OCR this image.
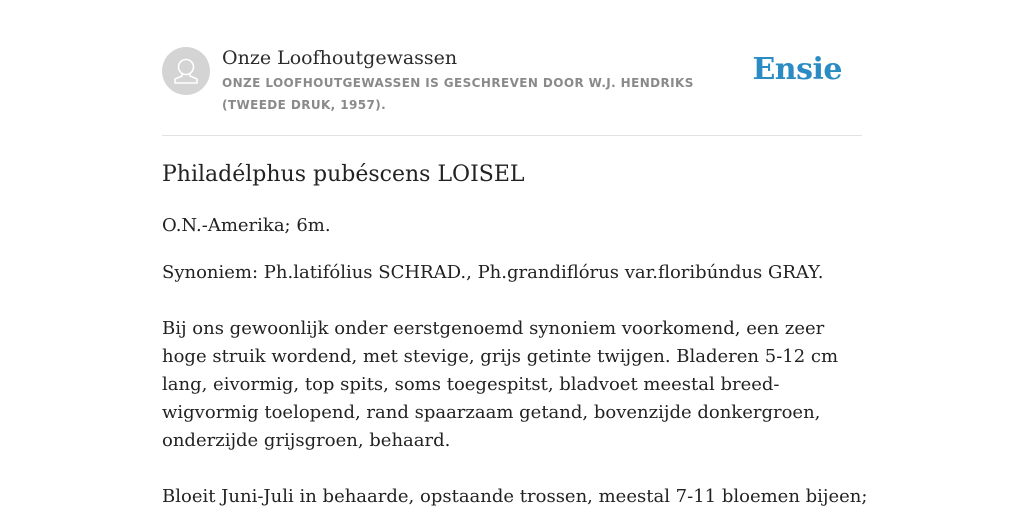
Onze Loofhoutgewassen
ONZE LOOFHOUTGEWASSEN IS GESCHREVEN DOOR W.J. HENDRIKS (TWEEDE DRUK, 1957).
Ensie
Philadélphus pubéscens LOISEL
O.N.-Amerika; 6m.
Synoniem: Ph.latifólius SCHRAD., Ph.grandiflórus var.floribúndus GRAY.
Bij ons gewoonlijk onder eerstgenoemd synoniem voorkomend, een zeer hoge struik wordend, met stevige, grijs getinte twijgen. Bladeren 5-12 cm lang, eivormig, top spits, soms toegespitst, bladvoet meestal breed-wigvormig toelopend, rand spaarzaam getand, bovenzijde donkergroen, onderzijde grijsgroen, behaard.
Bloeit Juni-Juli in behaarde, opstaande trossen, meestal 7-11 bloemen bijeen;
